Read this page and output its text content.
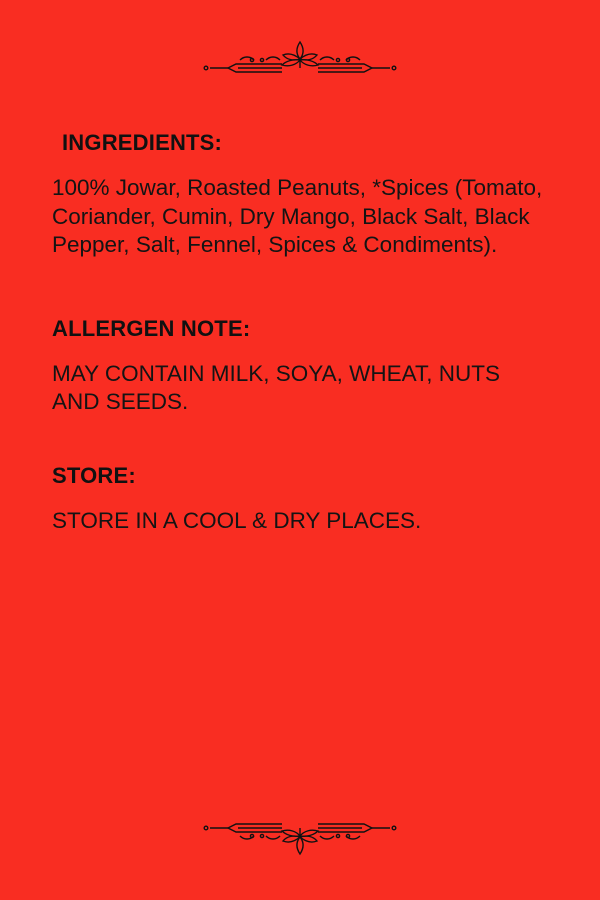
INGREDIENTS:

100% Jowar, Roasted Peanuts, *Spices (Tomato, Coriander, Cumin, Dry Mango, Black Salt, Black Pepper, Salt, Fennel, Spices & Condiments).

ALLERGEN NOTE:

MAY CONTAIN MILK, SOYA, WHEAT, NUTS AND SEEDS.

STORE:

STORE IN A COOL & DRY PLACES.
